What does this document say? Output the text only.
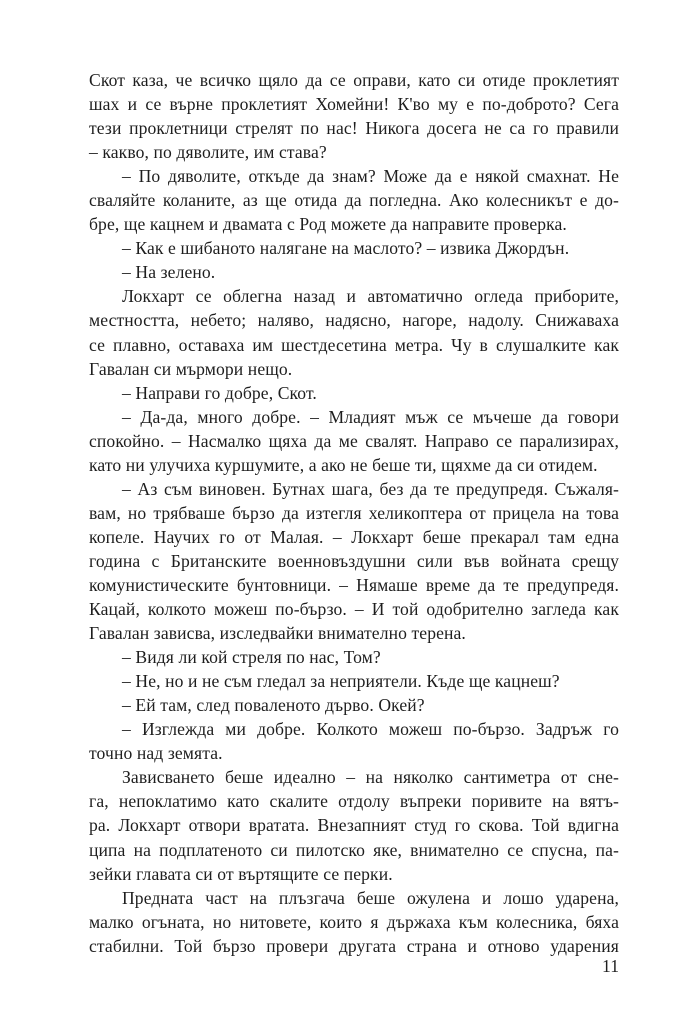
Скот каза, че всичко щяло да се оправи, като си отиде проклетият

шах и се върне проклетият Хомейни! К'во му е по-доброто? Сега

тези проклетници стрелят по нас! Никога досега не са го правили

– какво, по дяволите, им става?

– По дяволите, откъде да знам? Може да е някой смахнат. Не

сваляйте коланите, аз ще отида да погледна. Ако колесникът е до-

бре, ще кацнем и двамата с Род можете да направите проверка.

– Как е шибаното налягане на маслото? – извика Джордън.

– На зелено.

Локхарт се облегна назад и автоматично огледа приборите,

местността, небето; наляво, надясно, нагоре, надолу. Снижаваха

се плавно, оставаха им шестдесетина метра. Чу в слушалките как

Гавалан си мърмори нещо.

– Направи го добре, Скот.

– Да-да, много добре. – Младият мъж се мъчеше да говори

спокойно. – Насмалко щяха да ме свалят. Направо се парализирах,

като ни улучиха куршумите, а ако не беше ти, щяхме да си отидем.

– Аз съм виновен. Бутнах шага, без да те предупредя. Съжаля-

вам, но трябваше бързо да изтегля хеликоптера от прицела на това

копеле. Научих го от Малая. – Локхарт беше прекарал там една

година с Британските военновъздушни сили във войната срещу

комунистическите бунтовници. – Нямаше време да те предупредя.

Кацай, колкото можеш по-бързо. – И той одобрително загледа как

Гавалан зависва, изследвайки внимателно терена.

– Видя ли кой стреля по нас, Том?

– Не, но и не съм гледал за неприятели. Къде ще кацнеш?

– Ей там, след поваленото дърво. Окей?

– Изглежда ми добре. Колкото можеш по-бързо. Задръж го

точно над земята.

Зависването беше идеално – на няколко сантиметра от сне-

га, непоклатимо като скалите отдолу въпреки поривите на вятъ-

ра. Локхарт отвори вратата. Внезапният студ го скова. Той вдигна

ципа на подплатеното си пилотско яке, внимателно се спусна, па-

зейки главата си от въртящите се перки.

Предната част на плъзгача беше ожулена и лошо ударена,

малко огъната, но нитовете, които я държаха към колесника, бяха

стабилни. Той бързо провери другата страна и отново ударения

11
